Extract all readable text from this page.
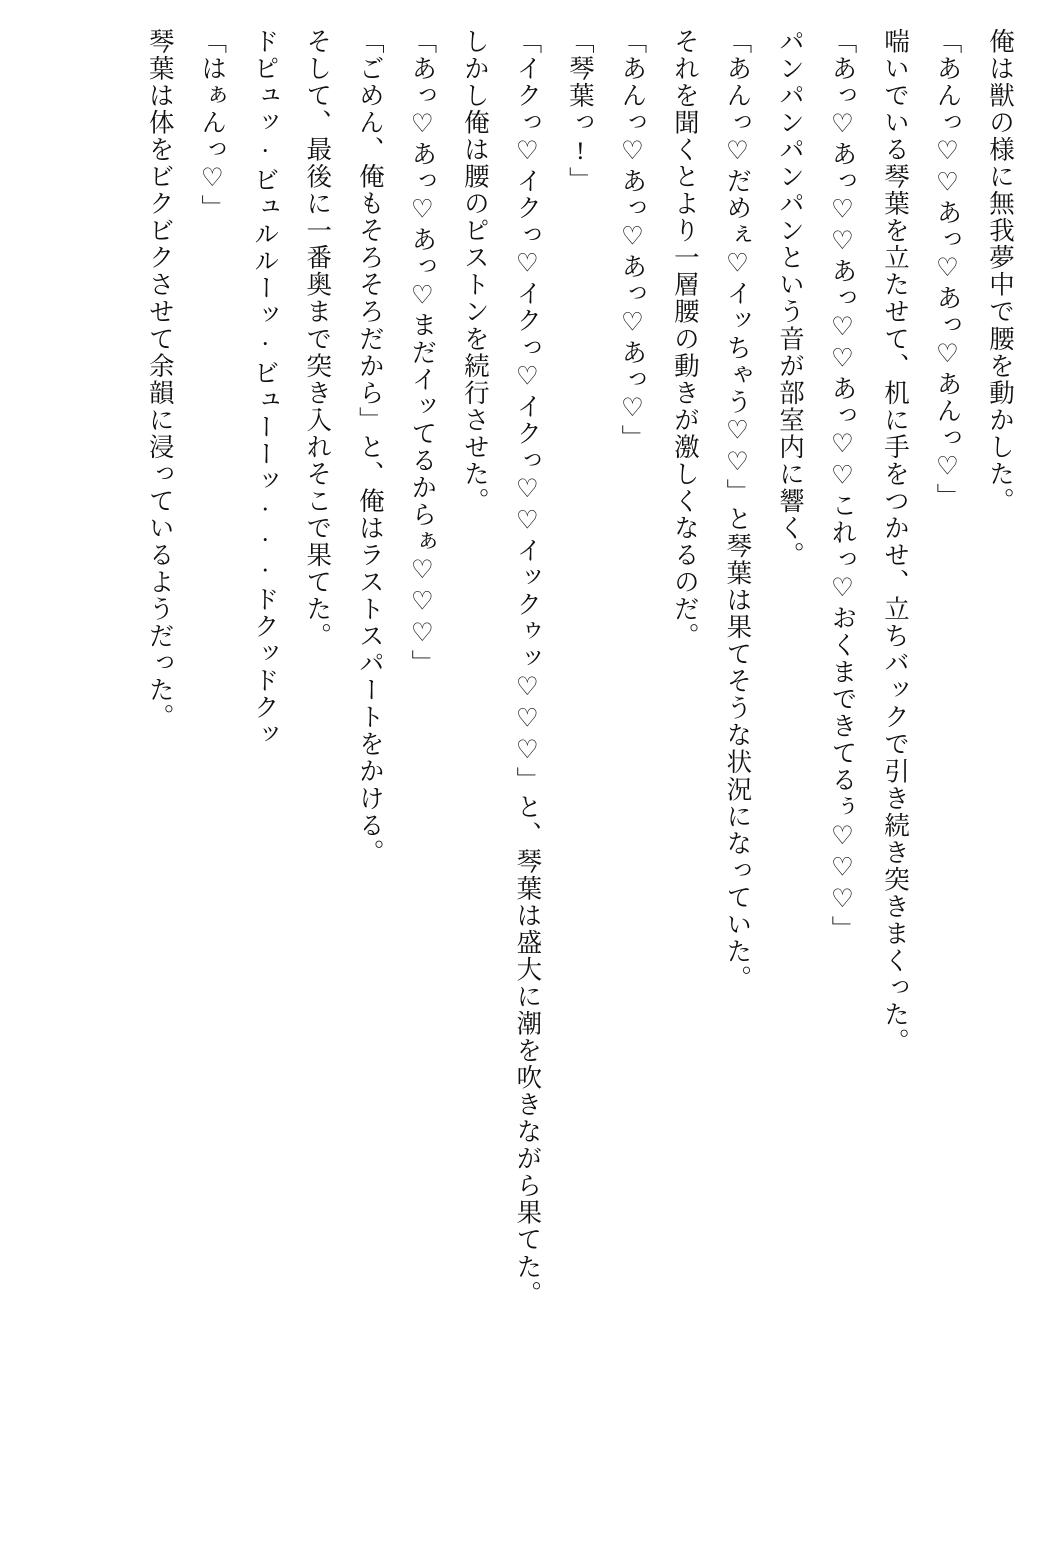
俺は獣の様に無我夢中で腰を動かした。

「あんっ♡♡あっ♡あっ♡あんっ♡」

喘いでいる琴葉を立たせて、机に手をつかせ、立ちバックで引き続き突きまくった。

「あっ♡あっ♡♡あっ♡♡あっ♡♡これっ♡おくまできてるぅ♡♡♡」

パンパンパンパンという音が部室内に響く。

「あんっ♡だめぇ♡イッちゃう♡♡」と琴葉は果てそうな状況になっていた。

それを聞くとより一層腰の動きが激しくなるのだ。

「あんっ♡あっ♡あっ♡あっ♡」

「琴葉っ!」

「イクっ♡イクっ♡イクっ♡イクっ♡♡イックゥッ♡♡♡」と、琴葉は盛大に潮を吹きながら果てた。

しかし俺は腰のピストンを続行させた。

「あっ♡あっ♡あっ♡まだイッてるからぁ♡♡♡」

「ごめん、俺もそろそろだから」と、俺はラストスパートをかける。

そして、最後に一番奥まで突き入れそこで果てた。

ドピュッ·ビュルルーッ·ビューーッ···ドクッドクッ

「はぁんっ♡」

琴葉は体をビクビクさせて余韻に浸っているようだった。
